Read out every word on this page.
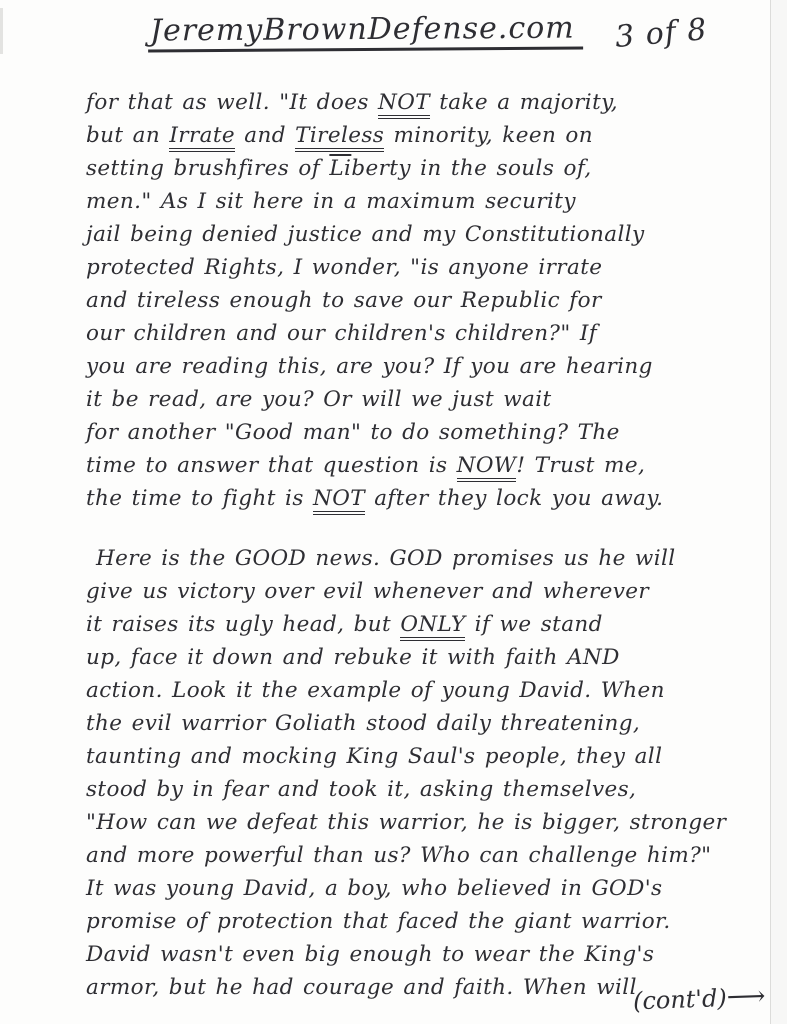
JeremyBrownDefense.com 3 of 8
for that as well. "It does NOT take a majority,
but an Irrate and Tireless minority, keen on
setting brushfires of $\overline{Li}berty$ in the souls of,
men." As I sit here in a maximum security
jail being denied justice and my Constitutionally
protected Rights, I wonder, "is anyone irrate
and tireless enough to save our Republic for
our children and our children's children?" If
you are reading this, are you? If you are hearing
it be read, are you? Or will we just wait
for another "Good man" to do something? The
time to answer that question is NOW! Trust me,
the time to fight is NOT after they lock you away.
Here is the GOOD news. GOD promises us he will
give us victory over evil whenever and wherever
it raises its ugly head, but ONLY if we stand
up, face it down and rebuke it with faith AND
action. Look it the example of young David. When
the evil warrior Goliath stood daily threatening,
taunting and mocking King Saul's people, they all
stood by in fear and took it, asking themselves,
"How can we defeat this warrior, he is bigger, stronger
and more powerful than us? Who can challenge him?"
It was young David, a boy, who believed in GOD's
promise of protection that faced the giant warrior.
David wasn't even big enough to wear the King's
armor, but he had courage and faith. When will
(cont'd)⟶
